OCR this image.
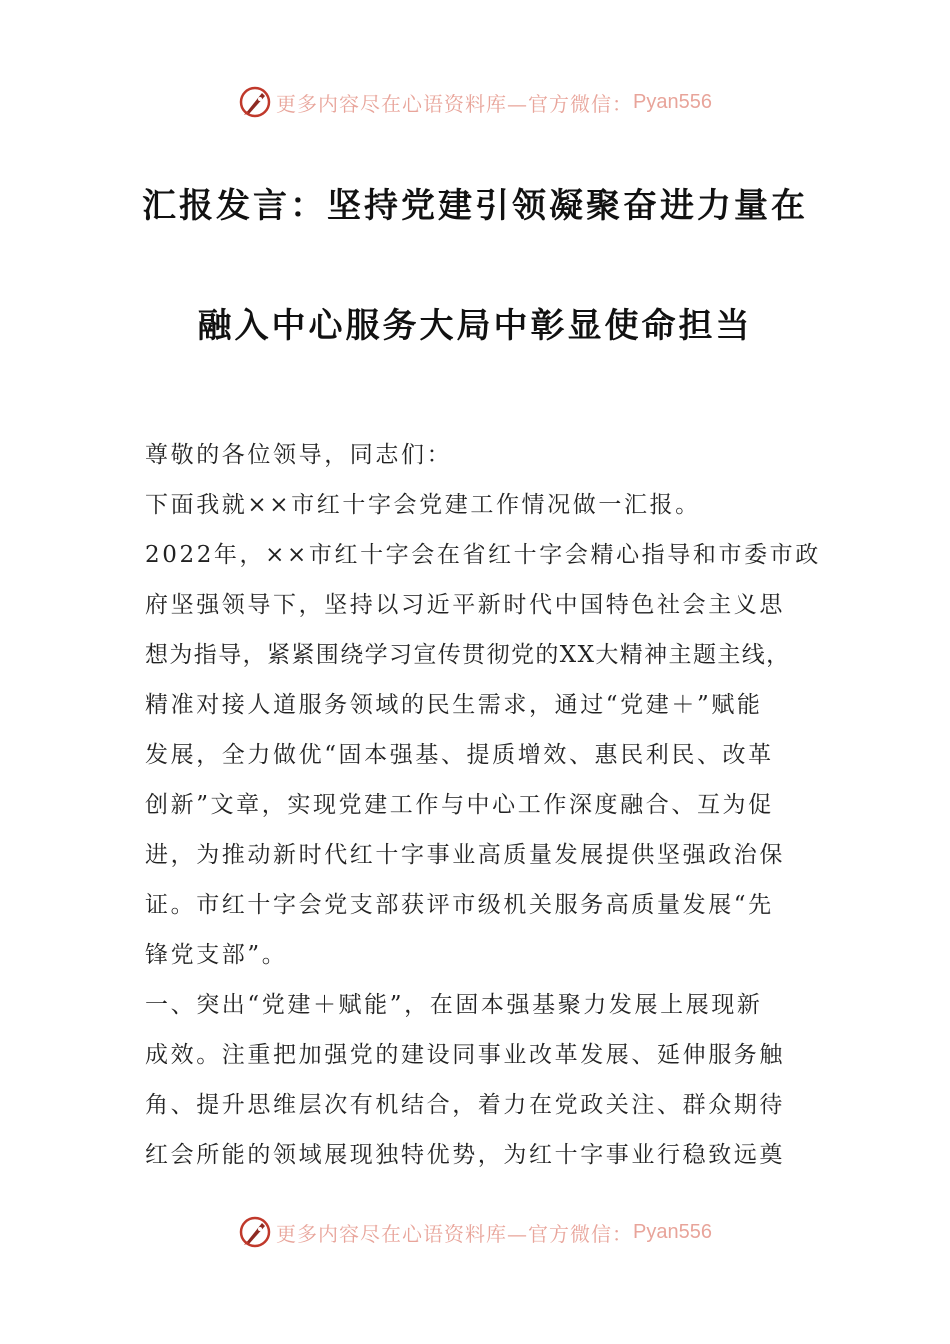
更多内容尽在心语资料库—官方微信： Pyan556
汇报发言：坚持党建引领凝聚奋进力量在
融入中心服务大局中彰显使命担当
尊敬的各位领导，同志们：
下面我就××市红十字会党建工作情况做一汇报。
2022年，××市红十字会在省红十字会精心指导和市委市政
府坚强领导下，坚持以习近平新时代中国特色社会主义思
想为指导，紧紧围绕学习宣传贯彻党的XX大精神主题主线，
精准对接人道服务领域的民生需求，通过“党建＋”赋能
发展，全力做优“固本强基、提质增效、惠民利民、改革
创新”文章，实现党建工作与中心工作深度融合、互为促
进，为推动新时代红十字事业高质量发展提供坚强政治保
证。市红十字会党支部获评市级机关服务高质量发展“先
锋党支部”。
一、突出“党建＋赋能”，在固本强基聚力发展上展现新
成效。注重把加强党的建设同事业改革发展、延伸服务触
角、提升思维层次有机结合，着力在党政关注、群众期待
红会所能的领域展现独特优势，为红十字事业行稳致远奠
更多内容尽在心语资料库—官方微信： Pyan556
